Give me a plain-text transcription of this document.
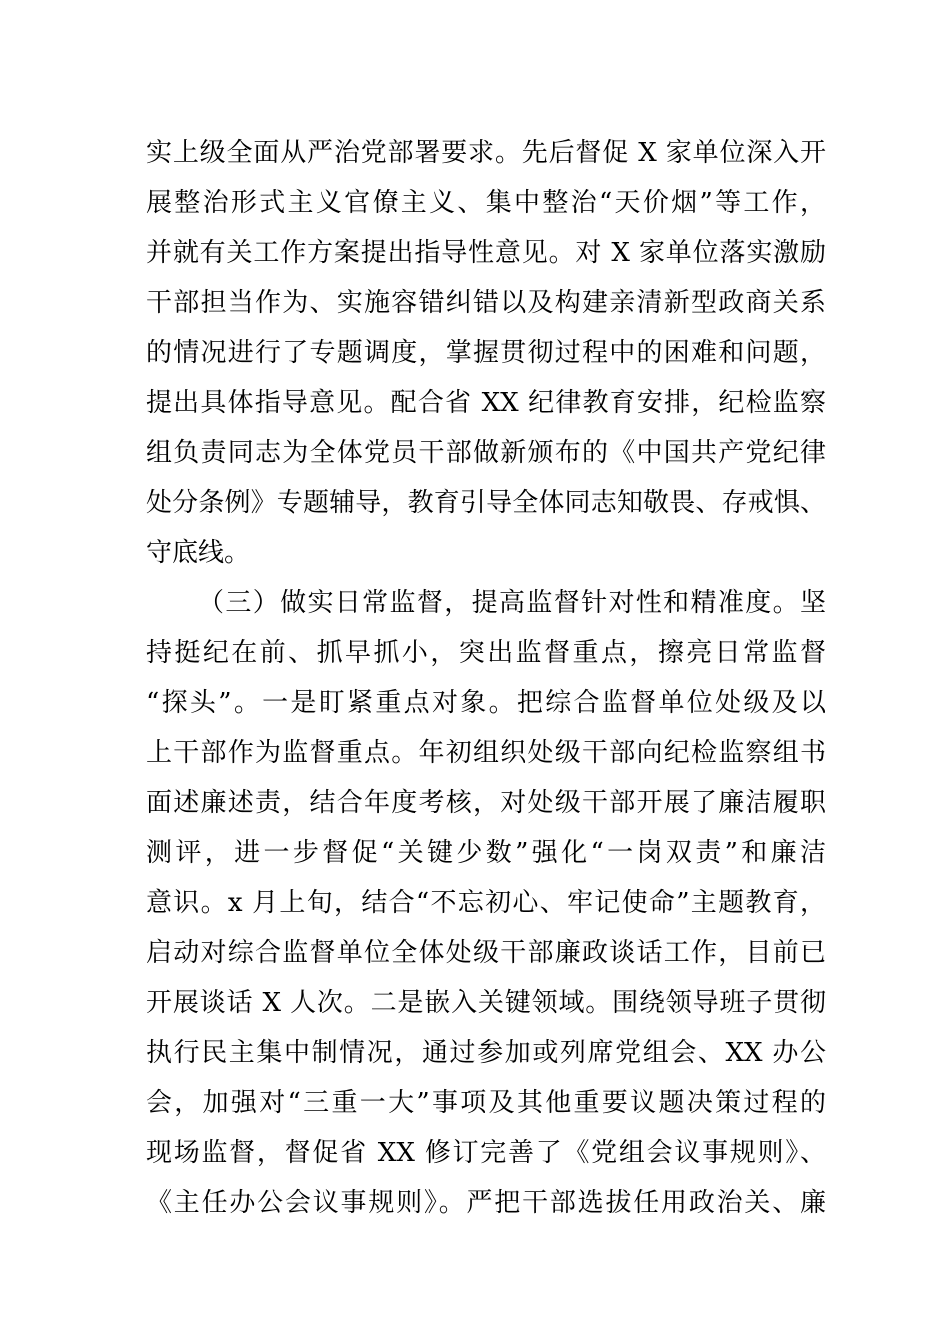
实上级全面从严治党部署要求。先后督促 X 家单位深入开
展整治形式主义官僚主义、集中整治“天价烟”等工作，
并就有关工作方案提出指导性意见。对 X 家单位落实激励
干部担当作为、实施容错纠错以及构建亲清新型政商关系
的情况进行了专题调度，掌握贯彻过程中的困难和问题，
提出具体指导意见。配合省 XX 纪律教育安排，纪检监察
组负责同志为全体党员干部做新颁布的《中国共产党纪律
处分条例》专题辅导，教育引导全体同志知敬畏、存戒惧、
守底线。
（三）做实日常监督，提高监督针对性和精准度。坚
持挺纪在前、抓早抓小，突出监督重点，擦亮日常监督
“探头”。一是盯紧重点对象。把综合监督单位处级及以
上干部作为监督重点。年初组织处级干部向纪检监察组书
面述廉述责，结合年度考核，对处级干部开展了廉洁履职
测评，进一步督促“关键少数”强化“一岗双责”和廉洁
意识。x 月上旬，结合“不忘初心、牢记使命”主题教育，
启动对综合监督单位全体处级干部廉政谈话工作，目前已
开展谈话 X 人次。二是嵌入关键领域。围绕领导班子贯彻
执行民主集中制情况，通过参加或列席党组会、XX 办公
会，加强对“三重一大”事项及其他重要议题决策过程的
现场监督，督促省 XX 修订完善了《党组会议事规则》、
《主任办公会议事规则》。严把干部选拔任用政治关、廉
